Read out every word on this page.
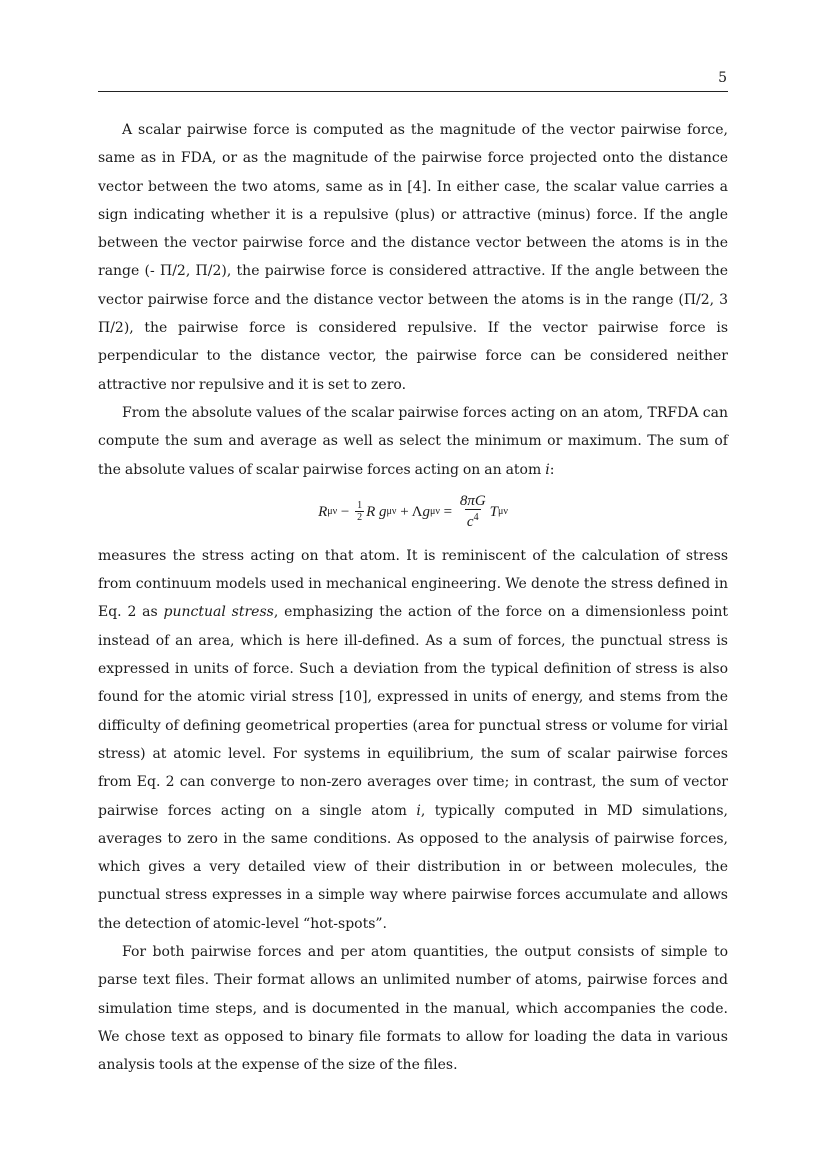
5

A scalar pairwise force is computed as the magnitude of the vector pairwise force, same as in FDA, or as the magnitude of the pairwise force projected onto the distance vector between the two atoms, same as in [4]. In either case, the scalar value carries a sign indicating whether it is a repulsive (plus) or attractive (minus) force. If the angle between the vector pairwise force and the distance vector between the atoms is in the range (- Π/2, Π/2), the pairwise force is considered attractive. If the angle between the vector pairwise force and the distance vector between the atoms is in the range (Π/2, 3 Π/2), the pairwise force is considered repulsive. If the vector pairwise force is perpendicular to the distance vector, the pairwise force can be considered neither attractive nor repulsive and it is set to zero.

From the absolute values of the scalar pairwise forces acting on an atom, TRFDA can compute the sum and average as well as select the minimum or maximum. The sum of the absolute values of scalar pairwise forces acting on an atom i:

R $\mu\nu - \frac{1}{2}$ R
g μν + Λ g $\mu\nu = \frac{8\pi G}{c^4}$ T μν

measures the stress acting on that atom. It is reminiscent of the calculation of stress from continuum models used in mechanical engineering. We denote the stress defined in Eq. 2 as punctual stress, emphasizing the action of the force on a dimensionless point instead of an area, which is here ill-defined. As a sum of forces, the punctual stress is expressed in units of force. Such a deviation from the typical definition of stress is also found for the atomic virial stress [10], expressed in units of energy, and stems from the difficulty of defining geometrical properties (area for punctual stress or volume for virial stress) at atomic level. For systems in equilibrium, the sum of scalar pairwise forces from Eq. 2 can converge to non-zero averages over time; in contrast, the sum of vector pairwise forces acting on a single atom i, typically computed in MD simulations, averages to zero in the same conditions. As opposed to the analysis of pairwise forces, which gives a very detailed view of their distribution in or between molecules, the punctual stress expresses in a simple way where pairwise forces accumulate and allows the detection of atomic-level “hot-spots”.

For both pairwise forces and per atom quantities, the output consists of simple to parse text files. Their format allows an unlimited number of atoms, pairwise forces and simulation time steps, and is documented in the manual, which accompanies the code. We chose text as opposed to binary file formats to allow for loading the data in various analysis tools at the expense of the size of the files.
